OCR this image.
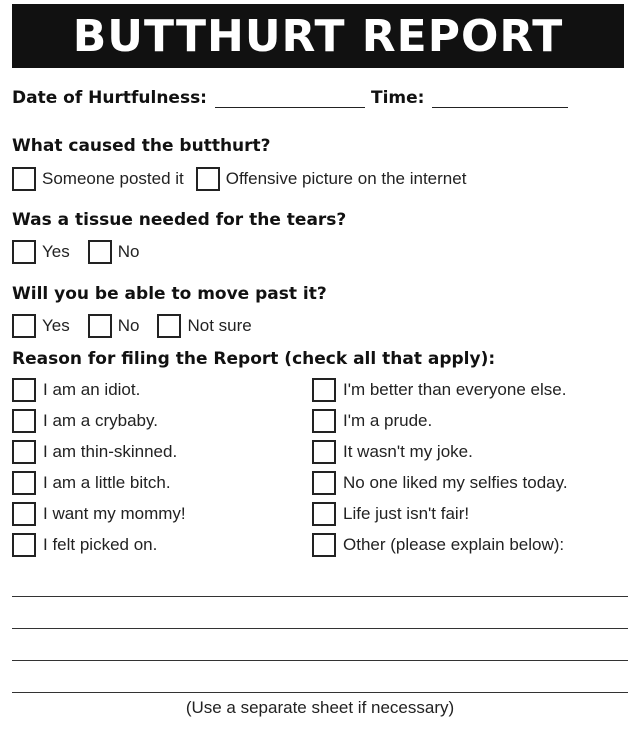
BUTTHURT REPORT
Date of Hurtfulness:	Time:
What caused the butthurt?
Someone posted it Offensive picture on the internet
Was a tissue needed for the tears?
Yes	No
Will you be able to move past it?
Yes	No	Not sure
Reason for filing the Report (check all that apply):
I am an idiot.
I am a crybaby.
I am thin-skinned.
I am a little bitch.
I want my mommy!
I felt picked on.
I'm better than everyone else.
I'm a prude.
It wasn't my joke.
No one liked my selfies today.
Life just isn't fair!
Other (please explain below):
(Use a separate sheet if necessary)
